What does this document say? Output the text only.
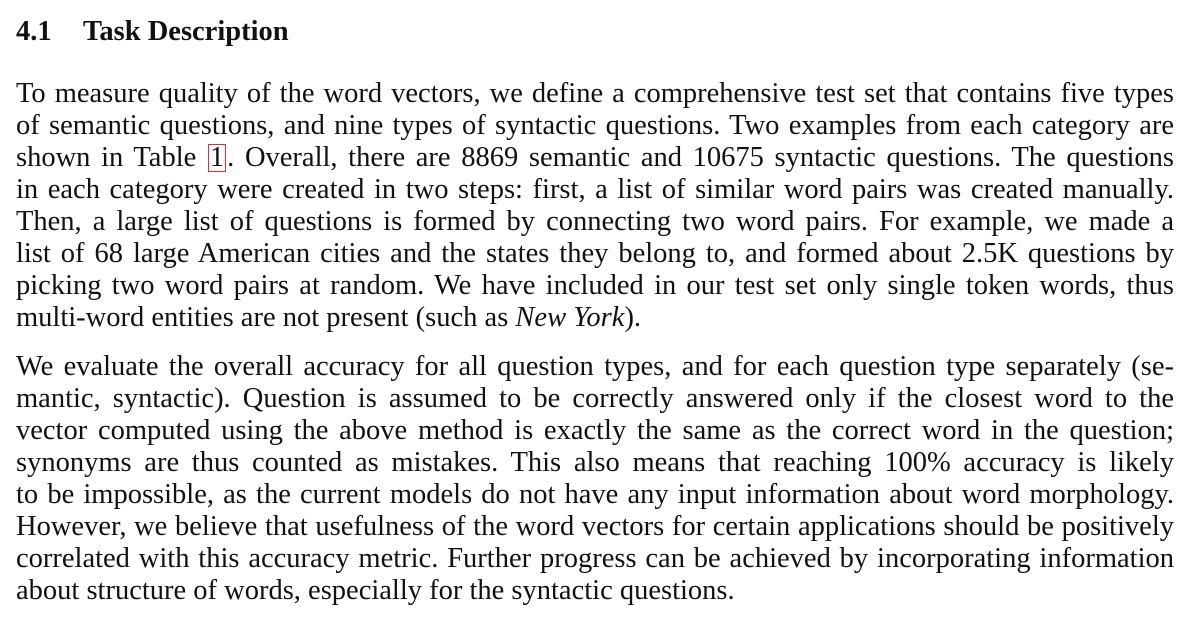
4.1 Task Description
To measure quality of the word vectors, we define a comprehensive test set that contains five types
of semantic questions, and nine types of syntactic questions. Two examples from each category are
shown in Table 1 . Overall, there are 8869 semantic and 10675 syntactic questions. The questions
in each category were created in two steps: first, a list of similar word pairs was created manually.
Then, a large list of questions is formed by connecting two word pairs. For example, we made a
list of 68 large American cities and the states they belong to, and formed about 2.5K questions by
picking two word pairs at random. We have included in our test set only single token words, thus
multi-word entities are not present (such as New York).
We evaluate the overall accuracy for all question types, and for each question type separately (se-
mantic, syntactic). Question is assumed to be correctly answered only if the closest word to the
vector computed using the above method is exactly the same as the correct word in the question;
synonyms are thus counted as mistakes. This also means that reaching 100% accuracy is likely
to be impossible, as the current models do not have any input information about word morphology.
However, we believe that usefulness of the word vectors for certain applications should be positively
correlated with this accuracy metric. Further progress can be achieved by incorporating information
about structure of words, especially for the syntactic questions.
